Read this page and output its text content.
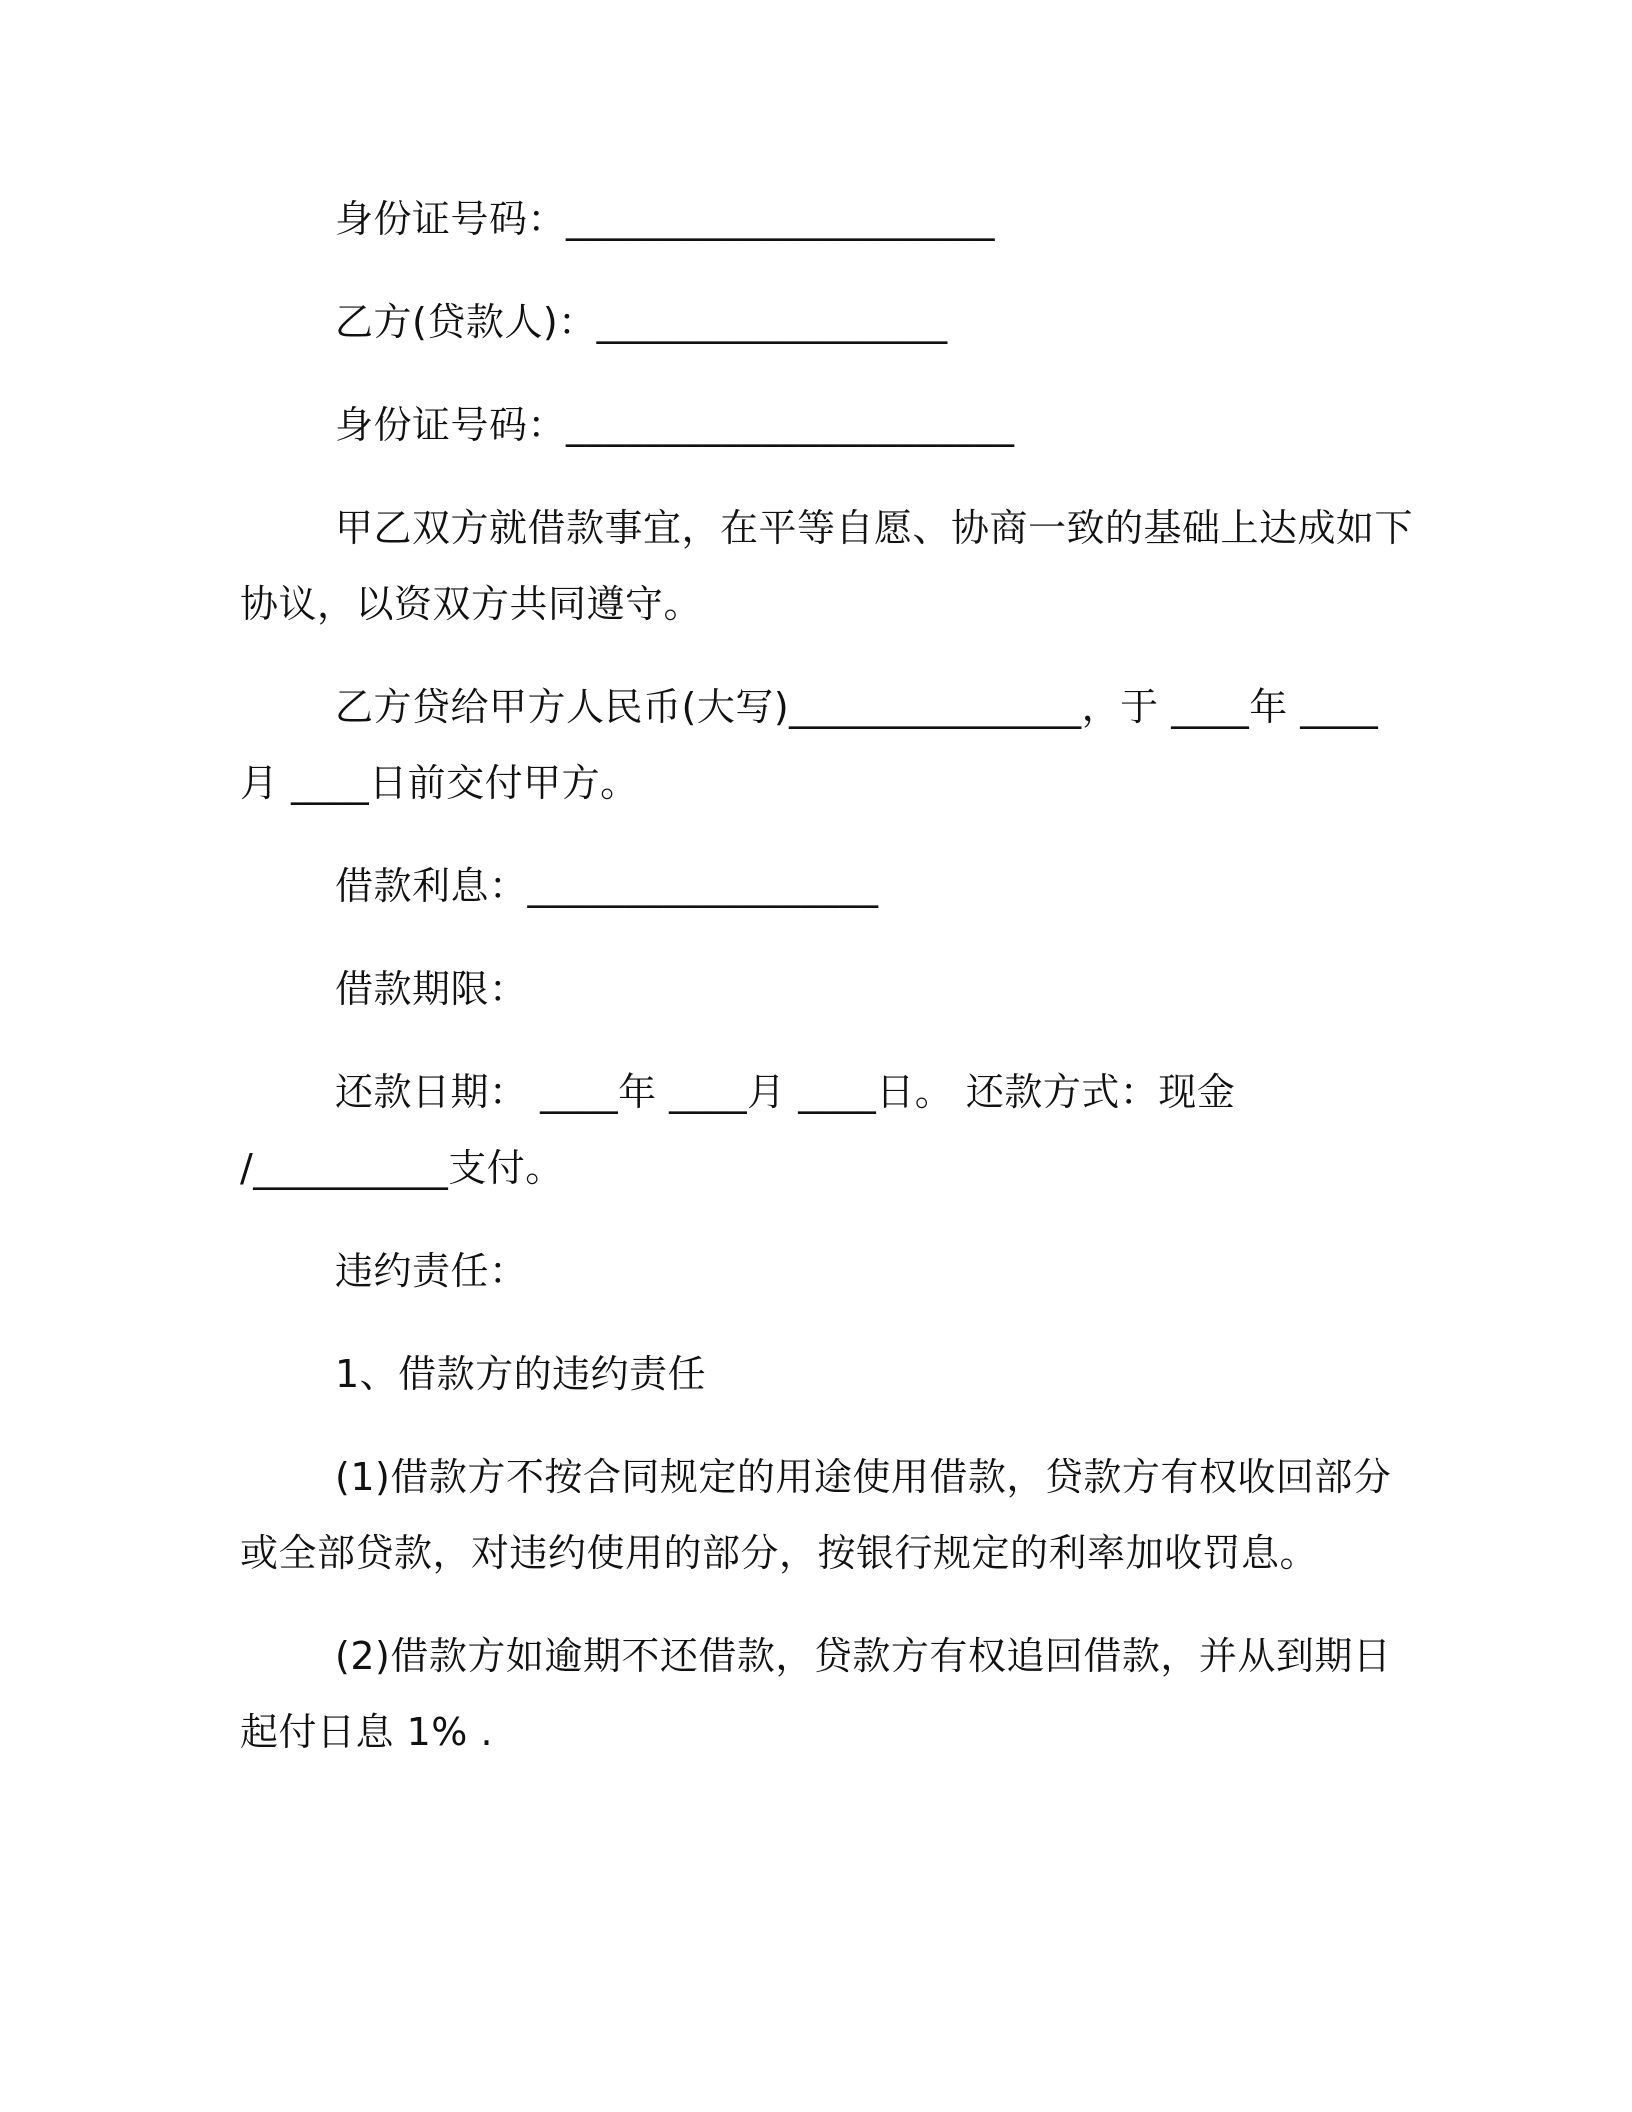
身份证号码：______________________
乙方(贷款人)：__________________
身份证号码：_______________________
甲乙双方就借款事宜，在平等自愿、协商一致的基础上达成如下
协议，以资双方共同遵守。
乙方贷给甲方人民币(大写)_______________，于 ____年 ____
月 ____日前交付甲方。
借款利息：__________________
借款期限：
还款日期： ____年 ____月 ____日。 还款方式：现金
/__________支付。
违约责任：
1、借款方的违约责任
(1)借款方不按合同规定的用途使用借款，贷款方有权收回部分
或全部贷款，对违约使用的部分，按银行规定的利率加收罚息。
(2)借款方如逾期不还借款，贷款方有权追回借款，并从到期日
起付日息 1% .
